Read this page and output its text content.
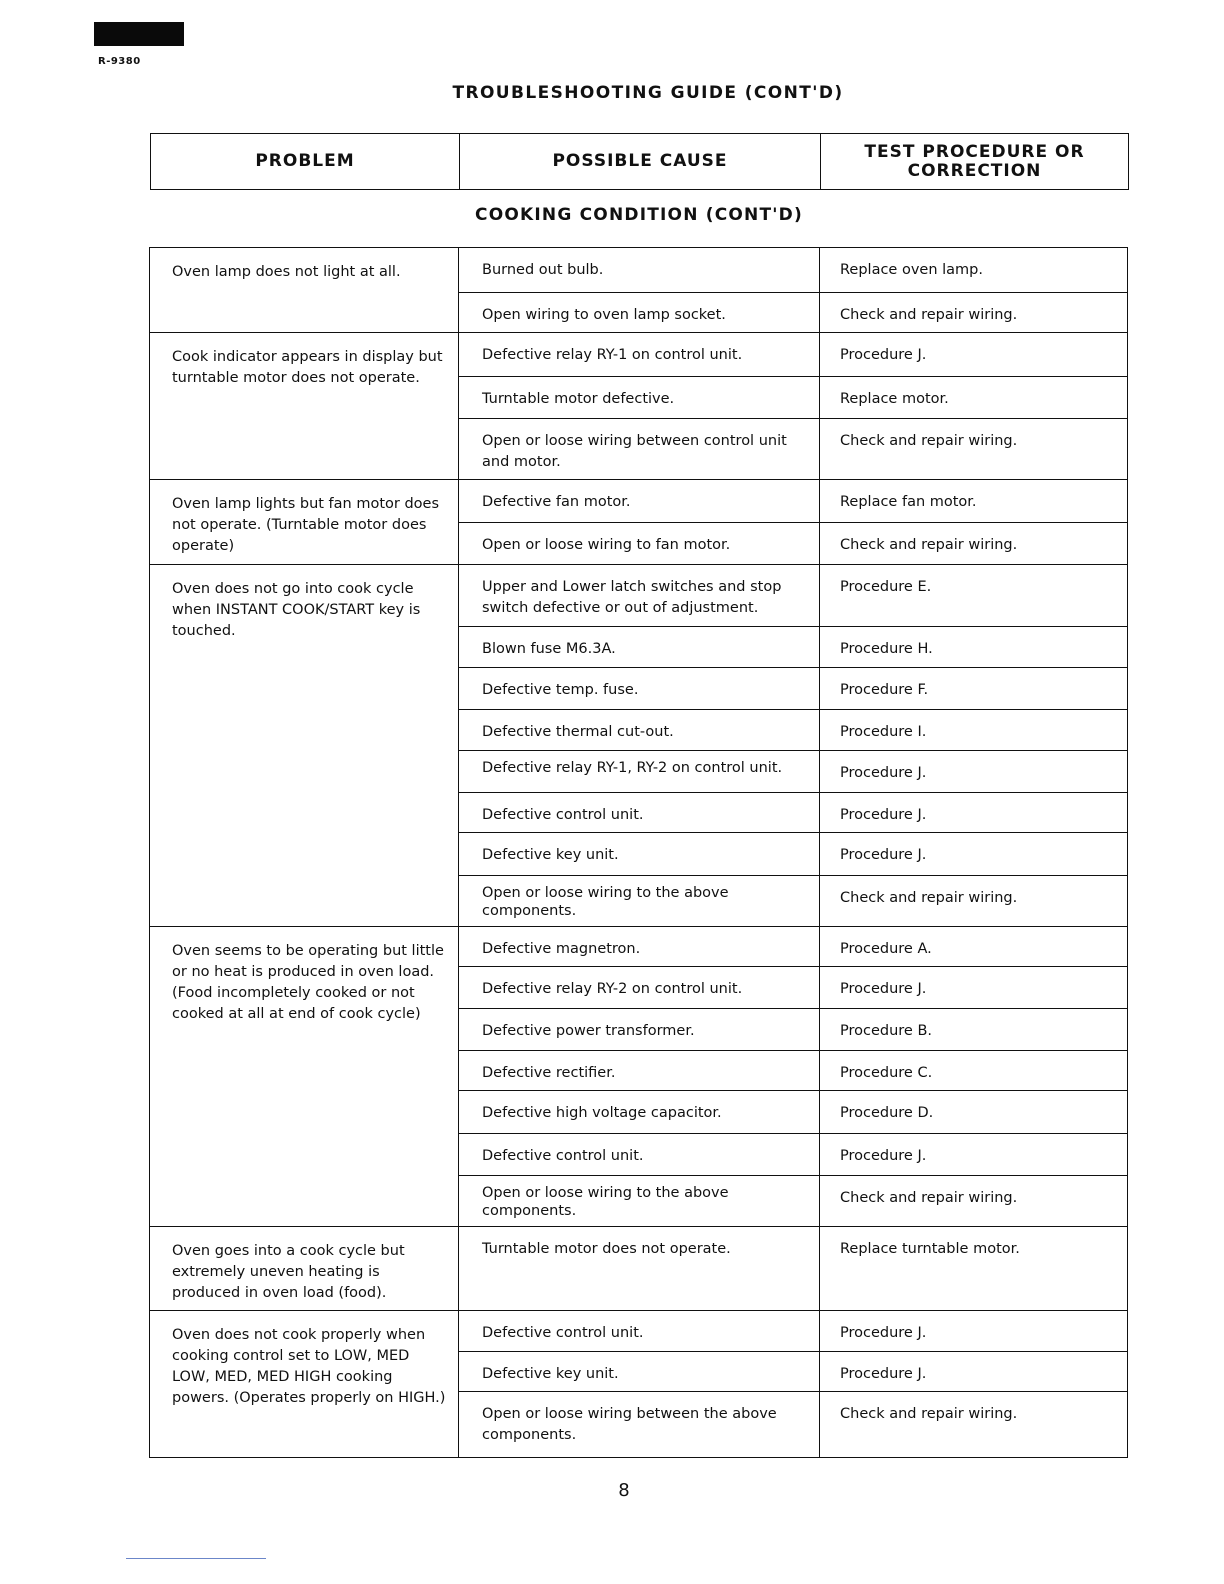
R-9380
TROUBLESHOOTING GUIDE (CONT'D)
PROBLEM	POSSIBLE CAUSE	TEST PROCEDURE OR CORRECTION
COOKING CONDITION (CONT'D)
Oven lamp does not light at all.	Burned out bulb.	Replace oven lamp.
	Open wiring to oven lamp socket.	Check and repair wiring.
Cook indicator appears in display but turntable motor does not operate.	Defective relay RY-1 on control unit.	Procedure J.
	Turntable motor defective.	Replace motor.
	Open or loose wiring between control unit and motor.	Check and repair wiring.
Oven lamp lights but fan motor does not operate. (Turntable motor does operate)	Defective fan motor.	Replace fan motor.
	Open or loose wiring to fan motor.	Check and repair wiring.
Oven does not go into cook cycle when INSTANT COOK/START key is touched.	Upper and Lower latch switches and stop switch defective or out of adjustment.	Procedure E.
	Blown fuse M6.3A.	Procedure H.
	Defective temp. fuse.	Procedure F.
	Defective thermal cut-out.	Procedure I.
	Defective relay RY-1, RY-2 on control unit.	Procedure J.
	Defective control unit.	Procedure J.
	Defective key unit.	Procedure J.
	Open or loose wiring to the above components.	Check and repair wiring.
Oven seems to be operating but little or no heat is produced in oven load. (Food incompletely cooked or not cooked at all at end of cook cycle)	Defective magnetron.	Procedure A.
	Defective relay RY-2 on control unit.	Procedure J.
	Defective power transformer.	Procedure B.
	Defective rectifier.	Procedure C.
	Defective high voltage capacitor.	Procedure D.
	Defective control unit.	Procedure J.
	Open or loose wiring to the above components.	Check and repair wiring.
Oven goes into a cook cycle but extremely uneven heating is produced in oven load (food).	Turntable motor does not operate.	Replace turntable motor.
Oven does not cook properly when cooking control set to LOW, MED LOW, MED, MED HIGH cooking powers. (Operates properly on HIGH.)	Defective control unit.	Procedure J.
	Defective key unit.	Procedure J.
	Open or loose wiring between the above components.	Check and repair wiring.
8
